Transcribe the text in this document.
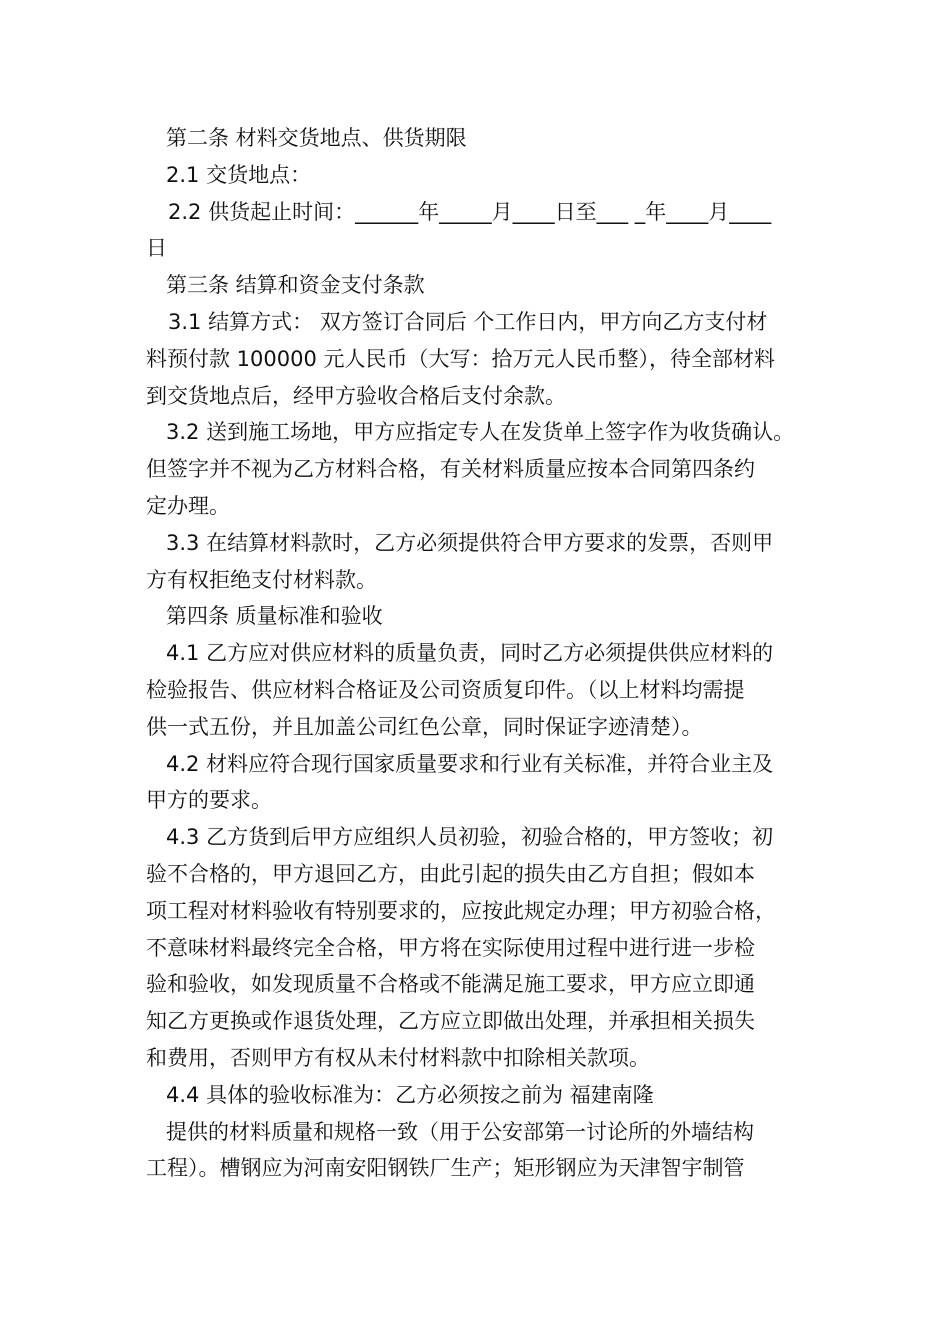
第二条 材料交货地点、供货期限

2.1 交货地点：

2.2 供货起止时间：______年_____月____日至___ _年____月____

日

第三条 结算和资金支付条款

3.1 结算方式： 双方签订合同后 个工作日内，甲方向乙方支付材

料预付款 100000 元人民币（大写：拾万元人民币整），待全部材料

到交货地点后，经甲方验收合格后支付余款。

3.2 送到施工场地，甲方应指定专人在发货单上签字作为收货确认。

但签字并不视为乙方材料合格，有关材料质量应按本合同第四条约

定办理。

3.3 在结算材料款时，乙方必须提供符合甲方要求的发票，否则甲

方有权拒绝支付材料款。

第四条 质量标准和验收

4.1 乙方应对供应材料的质量负责，同时乙方必须提供供应材料的

检验报告、供应材料合格证及公司资质复印件。（以上材料均需提

供一式五份，并且加盖公司红色公章，同时保证字迹清楚）。

4.2 材料应符合现行国家质量要求和行业有关标准，并符合业主及

甲方的要求。

4.3 乙方货到后甲方应组织人员初验，初验合格的，甲方签收；初

验不合格的，甲方退回乙方，由此引起的损失由乙方自担；假如本

项工程对材料验收有特别要求的，应按此规定办理；甲方初验合格，

不意味材料最终完全合格，甲方将在实际使用过程中进行进一步检

验和验收，如发现质量不合格或不能满足施工要求，甲方应立即通

知乙方更换或作退货处理，乙方应立即做出处理，并承担相关损失

和费用，否则甲方有权从未付材料款中扣除相关款项。

4.4 具体的验收标准为：乙方必须按之前为 福建南隆

提供的材料质量和规格一致（用于公安部第一讨论所的外墙结构

工程）。槽钢应为河南安阳钢铁厂生产；矩形钢应为天津智宇制管
